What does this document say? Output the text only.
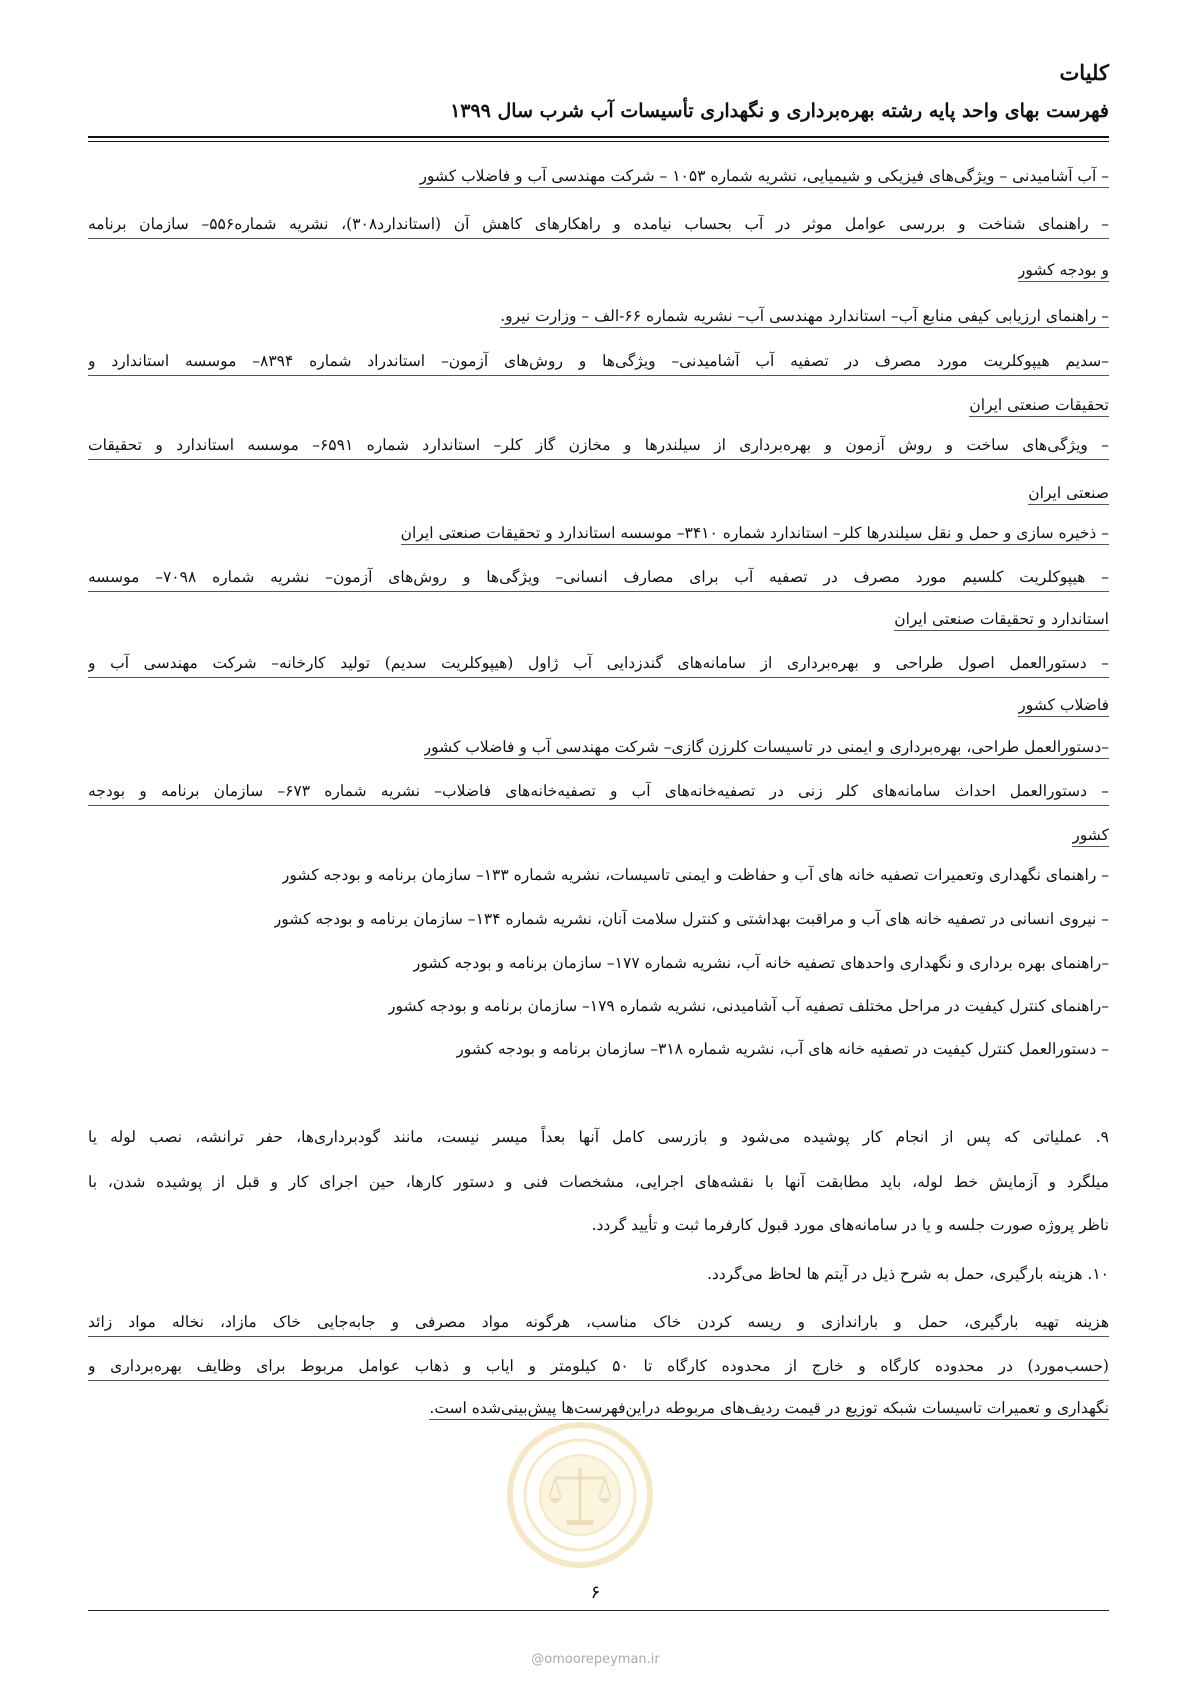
کلیات
فهرست بهای واحد پایه رشته بهره‌برداری و نگهداری تأسیسات آب شرب سال ۱۳۹۹
– آب آشامیدنی – ویژگی‌های فیزیکی و شیمیایی، نشریه شماره ۱۰۵۳ – شرکت مهندسی آب و فاضلاب کشور
– راهنمای شناخت و بررسی عوامل موثر در آب بحساب نیامده و راهکارهای کاهش آن (استاندارد۳۰۸)، نشریه شماره۵۵۶– سازمان برنامه
و بودجه کشور
– راهنمای ارزیابی کیفی منابع آب– استاندارد مهندسی آب– نشریه شماره ۶۶-الف – وزارت نیرو.
–سدیم هیپوکلریت مورد مصرف در تصفیه آب آشامیدنی– ویژگی‌ها و روش‌های آزمون– استاندراد شماره ۸۳۹۴– موسسه استاندارد و
تحقیقات صنعتی ایران
– ویژگی‌های ساخت و روش آزمون و بهره‌برداری از سیلندرها و مخازن گاز کلر– استاندارد شماره ۶۵۹۱– موسسه استاندارد و تحقیقات
صنعتی ایران
– ذخیره سازی و حمل و نقل سیلندرها کلر– استاندارد شماره ۳۴۱۰– موسسه استاندارد و تحقیقات صنعتی ایران
– هیپوکلریت کلسیم مورد مصرف در تصفیه آب برای مصارف انسانی– ویژگی‌ها و روش‌های آزمون– نشریه شماره ۷۰۹۸– موسسه
استاندارد و تحقیقات صنعتی ایران
– دستورالعمل اصول طراحی و بهره‌برداری از سامانه‌های گندزدایی آب ژاول (هیپوکلریت سدیم) تولید کارخانه– شرکت مهندسی آب و
فاضلاب کشور
–دستورالعمل طراحی، بهره‌برداری و ایمنی در تاسیسات کلرزن گازی– شرکت مهندسی آب و فاضلاب کشور
– دستورالعمل احداث سامانه‌های کلر زنی در تصفیه‌خانه‌های آب و تصفیه‌خانه‌های فاضلاب– نشریه شماره ۶۷۳– سازمان برنامه و بودجه
کشور
– راهنمای نگهداری وتعمیرات تصفیه خانه های آب و حفاظت و ایمنی تاسیسات، نشریه شماره ۱۳۳– سازمان برنامه و بودجه کشور
– نیروی انسانی در تصفیه خانه های آب و مراقبت بهداشتی و کنترل سلامت آنان، نشریه شماره ۱۳۴– سازمان برنامه و بودجه کشور
–راهنمای بهره برداری و نگهداری واحدهای تصفیه خانه آب، نشریه شماره ۱۷۷– سازمان برنامه و بودجه کشور
–راهنمای کنترل کیفیت در مراحل مختلف تصفیه آب آشامیدنی، نشریه شماره ۱۷۹– سازمان برنامه و بودجه کشور
– دستورالعمل کنترل کیفیت در تصفیه خانه های آب، نشریه شماره ۳۱۸– سازمان برنامه و بودجه کشور
۹. عملیاتی که پس از انجام کار پوشیده می‌شود و بازرسی کامل آنها بعداً میسر نیست، مانند گودبرداری‌ها، حفر ترانشه، نصب لوله یا
میلگرد و آزمایش خط لوله، باید مطابقت آنها با نقشه‌های اجرایی، مشخصات فنی و دستور کارها، حین اجرای کار و قبل از پوشیده شدن، با
ناظر پروژه صورت جلسه و یا در سامانه‌های مورد قبول کارفرما ثبت و تأیید گردد.
۱۰. هزینه بارگیری، حمل به شرح ذیل در آیتم ها لحاظ می‌گردد.
هزینه تهیه بارگیری، حمل و باراندازی و ریسه کردن خاک مناسب، هرگونه مواد مصرفی و جابه‌جایی خاک مازاد، نخاله مواد زائد
(حسب‌مورد) در محدوده کارگاه و خارج از محدوده کارگاه تا ۵۰ کیلومتر و ایاب و ذهاب عوامل مربوط برای وظایف بهره‌برداری و
نگهداری و تعمیرات تاسیسات شبکه توزیع در قیمت ردیف‌های مربوطه دراین‌فهرست‌ها پیش‌بینی‌شده است.
۶
@omoorepeyman.ir
